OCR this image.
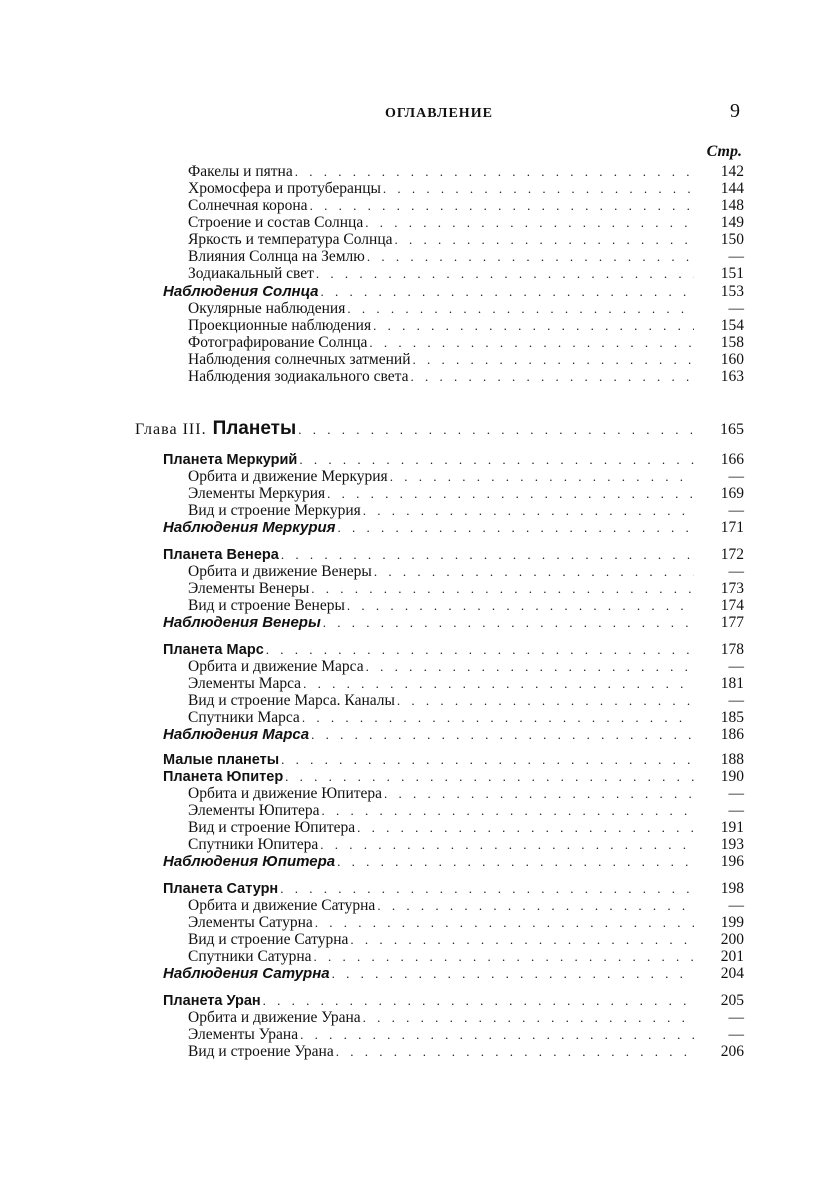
ОГЛАВЛЕНИЕ	9
Стр.
Факелы и пятна . . .	142
Хромосфера и протуберанцы . . .	144
Солнечная корона . . .	148
Строение и состав Солнца . . .	149
Яркость и температура Солнца . . .	150
Влияния Солнца на Землю . . .	—
Зодиакальный свет . . .	151
Наблюдения Солнца . . .	153
Окулярные наблюдения . . .	—
Проекционные наблюдения . . .	154
Фотографирование Солнца . . .	158
Наблюдения солнечных затмений . . .	160
Наблюдения зодиакального света . . .	163
Глава III. Планеты . . .	165
Планета Меркурий . . .	166
Орбита и движение Меркурия . . .	—
Элементы Меркурия . . .	169
Вид и строение Меркурия . . .	—
Наблюдения Меркурия . . .	171
Планета Венера . . .	172
Орбита и движение Венеры . . .	—
Элементы Венеры . . .	173
Вид и строение Венеры . . .	174
Наблюдения Венеры . . .	177
Планета Марс . . .	178
Орбита и движение Марса . . .	—
Элементы Марса . . .	181
Вид и строение Марса. Каналы . . .	—
Спутники Марса . . .	185
Наблюдения Марса . . .	186
Малые планеты . . .	188
Планета Юпитер . . .	190
Орбита и движение Юпитера . . .	—
Элементы Юпитера . . .	—
Вид и строение Юпитера . . .	191
Спутники Юпитера . . .	193
Наблюдения Юпитера . . .	196
Планета Сатурн . . .	198
Орбита и движение Сатурна . . .	—
Элементы Сатурна . . .	199
Вид и строение Сатурна . . .	200
Спутники Сатурна . . .	201
Наблюдения Сатурна . . .	204
Планета Уран . . .	205
Орбита и движение Урана . . .	—
Элементы Урана . . .	—
Вид и строение Урана . . .	206
